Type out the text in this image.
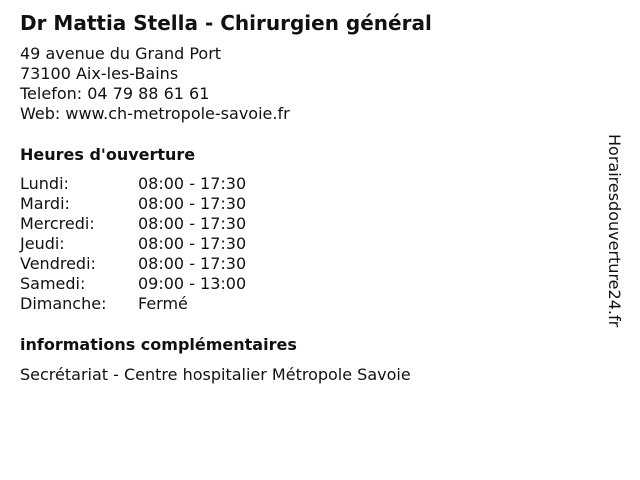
Dr Mattia Stella - Chirurgien général
49 avenue du Grand Port
73100 Aix-les-Bains
Telefon: 04 79 88 61 61
Web: www.ch-metropole-savoie.fr
Heures d'ouverture
Lundi:	08:00 - 17:30
Mardi:	08:00 - 17:30
Mercredi:	08:00 - 17:30
Jeudi:	08:00 - 17:30
Vendredi:	08:00 - 17:30
Samedi:	09:00 - 13:00
Dimanche: Fermé
informations complémentaires
Secrétariat - Centre hospitalier Métropole Savoie
Horairesdouverture24.fr
